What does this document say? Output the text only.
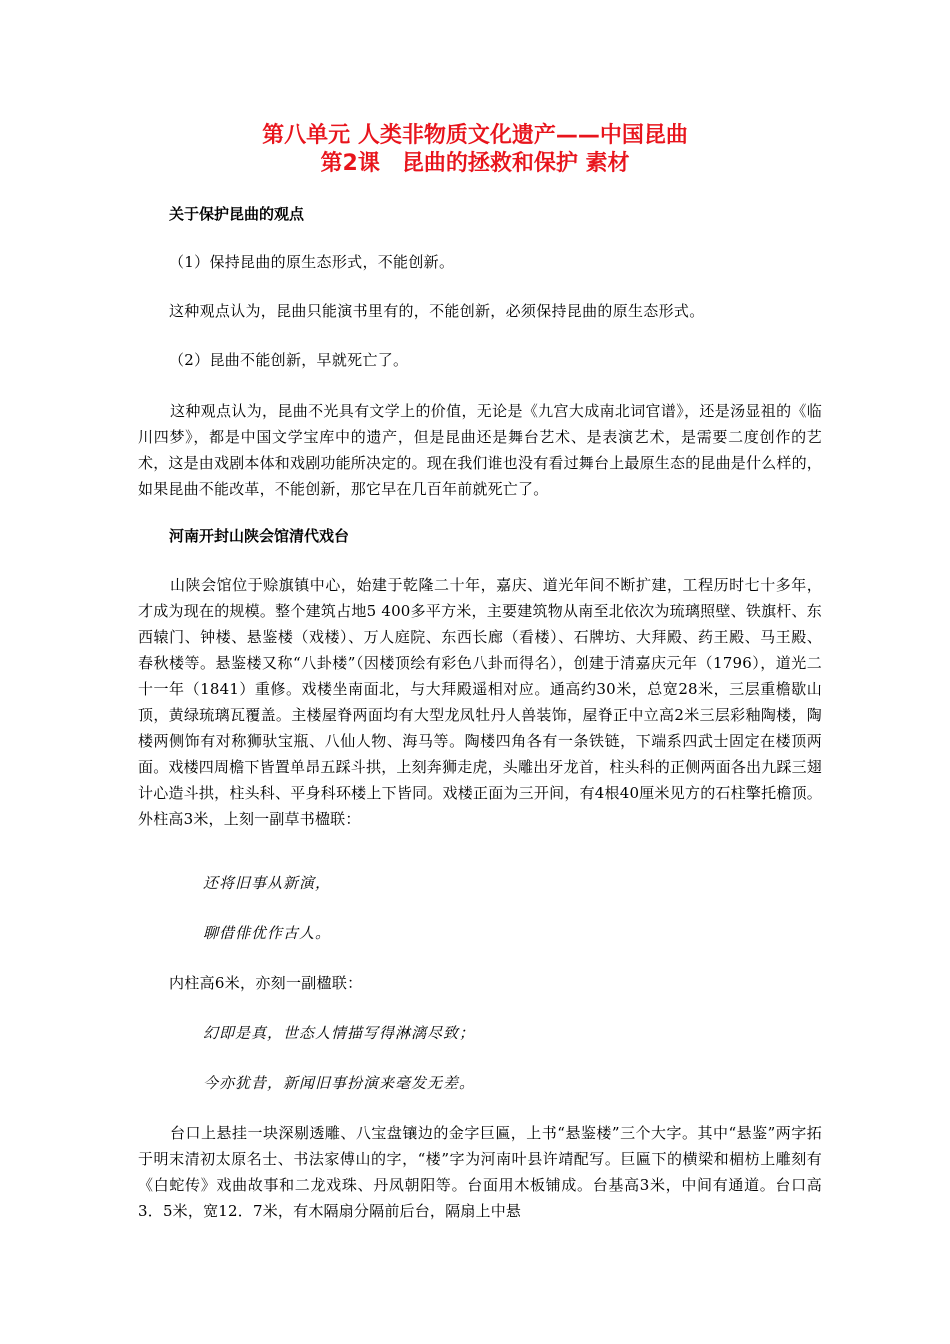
第八单元 人类非物质文化遗产——中国昆曲
第2课　昆曲的拯救和保护 素材
关于保护昆曲的观点
（1）保持昆曲的原生态形式，不能创新。
这种观点认为，昆曲只能演书里有的，不能创新，必须保持昆曲的原生态形式。
（2）昆曲不能创新，早就死亡了。
这种观点认为，昆曲不光具有文学上的价值，无论是《九宫大成南北词官谱》，还是汤显祖的《临川四梦》，都是中国文学宝库中的遗产，但是昆曲还是舞台艺术、是表演艺术，是需要二度创作的艺术，这是由戏剧本体和戏剧功能所决定的。现在我们谁也没有看过舞台上最原生态的昆曲是什么样的，如果昆曲不能改革，不能创新，那它早在几百年前就死亡了。
河南开封山陕会馆清代戏台
山陕会馆位于赊旗镇中心，始建于乾隆二十年，嘉庆、道光年间不断扩建，工程历时七十多年，才成为现在的规模。整个建筑占地5 400多平方米，主要建筑物从南至北依次为琉璃照壁、铁旗杆、东西辕门、钟楼、悬鉴楼（戏楼）、万人庭院、东西长廊（看楼）、石牌坊、大拜殿、药王殿、马王殿、春秋楼等。悬鉴楼又称“八卦楼”（因楼顶绘有彩色八卦而得名），创建于清嘉庆元年（1796），道光二十一年（1841）重修。戏楼坐南面北，与大拜殿遥相对应。通高约30米，总宽28米，三层重檐歇山顶，黄绿琉璃瓦覆盖。主楼屋脊两面均有大型龙凤牡丹人兽装饰，屋脊正中立高2米三层彩釉陶楼，陶楼两侧饰有对称狮驮宝瓶、八仙人物、海马等。陶楼四角各有一条铁链，下端系四武士固定在楼顶两面。戏楼四周檐下皆置单昂五踩斗拱，上刻奔狮走虎，头雕出牙龙首，柱头科的正侧两面各出九踩三翅计心造斗拱，柱头科、平身科环楼上下皆同。戏楼正面为三开间，有4根40厘米见方的石柱擎托檐顶。外柱高3米，上刻一副草书楹联：
还将旧事从新演，
聊借俳优作古人。
内柱高6米，亦刻一副楹联：
幻即是真，世态人情描写得淋漓尽致；
今亦犹昔，新闻旧事扮演来毫发无差。
台口上悬挂一块深剔透雕、八宝盘镶边的金字巨匾，上书“悬鉴楼”三个大字。其中“悬鉴”两字拓于明末清初太原名士、书法家傅山的字，“楼”字为河南叶县许靖配写。巨匾下的横梁和楣枋上雕刻有《白蛇传》戏曲故事和二龙戏珠、丹凤朝阳等。台面用木板铺成。台基高3米，中间有通道。台口高3．5米，宽12．7米，有木隔扇分隔前后台，隔扇上中悬
